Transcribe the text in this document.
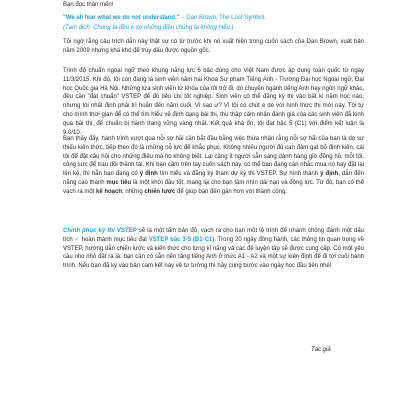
Bạn đọc thân mến!

"We all fear what we do not understand." – Dan Brown, The Lost Symbol.

(Tạm dịch: Chúng ta đều e sợ những điều chúng ta không hiểu.)

Tôi ngờ rằng câu trích dẫn này thật sự có từ trước khi nó xuất hiện trong cuốn sách của Dan Brown, xuất bản năm 2009 nhưng khá khó để truy dấu được nguồn gốc.

Trình độ chuẩn ngoại ngữ theo khung năng lực 6 bậc dùng cho Việt Nam được áp dụng toàn quốc từ ngày 11/3/2015. Khi đó, tôi còn đang là sinh viên năm hai Khoa Sư phạm Tiếng Anh - Trường Đại học Ngoại ngữ, Đại học Quốc gia Hà Nội. Những lứa sinh viên từ khóa của tôi trở đi, dù chuyên ngành tiếng Anh hay ngôn ngữ khác, đều cần "đạt chuẩn" VSTEP để đủ tiêu chí tốt nghiệp. Sinh viên có thể đăng ký thi vào bất kì năm học nào, nhưng tôi nhất định phải trì hoãn đến năm cuối. Vì sao ư? Vì tôi có chút e dè với hình thức thi mới này. Tôi tự cho mình thời gian để có thể tìm hiểu về định dạng bài thi, thu thập cảm nhận đánh giá của các sinh viên đã kinh qua bài thi, để chuẩn bị hành trang vững vàng nhất. Kết quả khá ổn, tôi đạt bậc 5 (C1) với điểm kết luận là 9.0/10.

Bạn thấy đấy, hành trình vượt qua nỗi sợ hãi cần bắt đầu bằng việc thừa nhận rằng nỗi sợ hãi của bạn là do sự thiếu kiến thức, tiếp theo đó là những nỗ lực để khắc phục. Không nhiều người đủ can đảm gạt bỏ định kiến, cái tôi để đặt câu hỏi cho những điều mà họ không biết. Lại càng ít người sẵn sàng dành hàng giờ đồng hồ, mỗi tối, công sức để trau dồi thành tài. Khi bạn cầm trên tay cuốn sách này, có thể bạn đang cần nhắc mua nó hay đặt lại lên kệ, thì hẳn bạn đang có ý định tìm hiểu và đăng ký tham dự kỳ thi VSTEP. Sự hình thành ý định, dẫn đến năng cao thành mục tiêu là một khởi đầu tốt, mang lại cho bạn tầm nhìn dài hạn và động lực. Từ đó, bạn có thể vạch ra một kế hoạch, những chiến lược để giúp bạn đến gần hơn với thành công.

Chinh phục kỳ thi VSTEP sẽ là một tấm bản đồ, vạch ra cho bạn một lộ trình để nhanh chóng đánh một dấu tích ✓ hoàn thành mục tiêu đạt VSTEP bậc 3-5 (B1-C1). Trong 20 ngày đồng hành, các thông tin quan trọng về VSTEP, hướng dẫn chiến lược và kiến thức cho từng kĩ năng và các đề luyện tập sẽ được cung cấp. Có một yêu cầu nho nhỏ đặt ra là: bạn cần có sẵn nền tảng tiếng Anh ở mức A1 - A2 và một sự kiên định để đi tới cuối hành trình. Nếu bạn đã ký vào bản cam kết này về tư tưởng thì hãy cùng bước vào ngày học đầu tiên nhé!

Tác giả
